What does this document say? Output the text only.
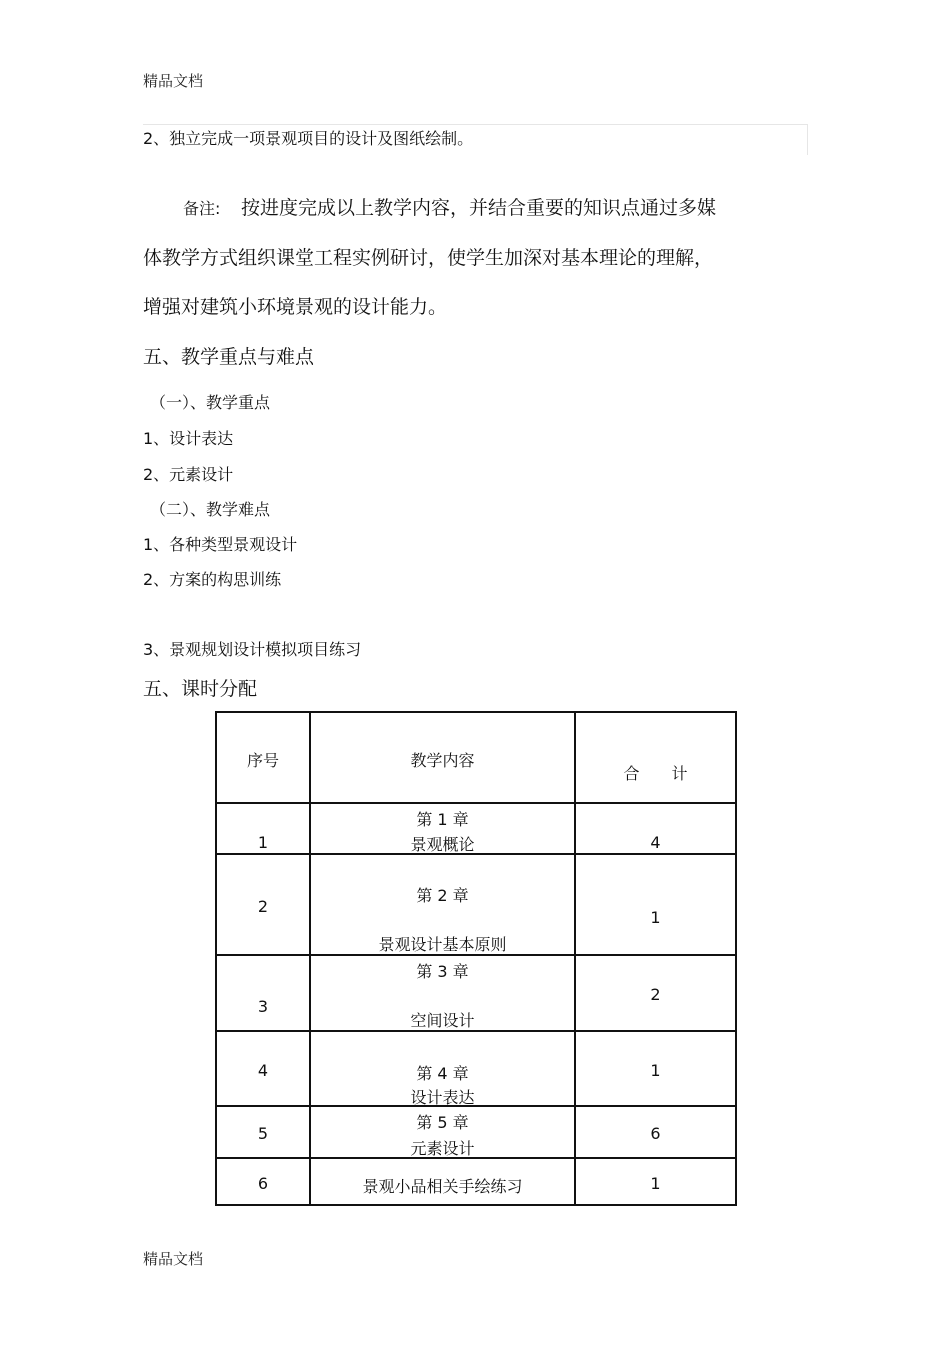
精品文档
2、独立完成一项景观项目的设计及图纸绘制。
备注: 按进度完成以上教学内容，并结合重要的知识点通过多媒
体教学方式组织课堂工程实例研讨，使学生加深对基本理论的理解，
增强对建筑小环境景观的设计能力。
五、教学重点与难点
（一）、教学重点
1、设计表达
2、元素设计
（二）、教学难点
1、各种类型景观设计
2、方案的构思训练
3、景观规划设计模拟项目练习
五、课时分配
序号	教学内容	合　　计

1	第 1 章
景观概论	4

2	第 2 章
景观设计基本原则	1

3	第 3 章
空间设计	2

4	第 4 章
设计表达	1

5	第 5 章
元素设计	6

6	景观小品相关手绘练习	1
精品文档
